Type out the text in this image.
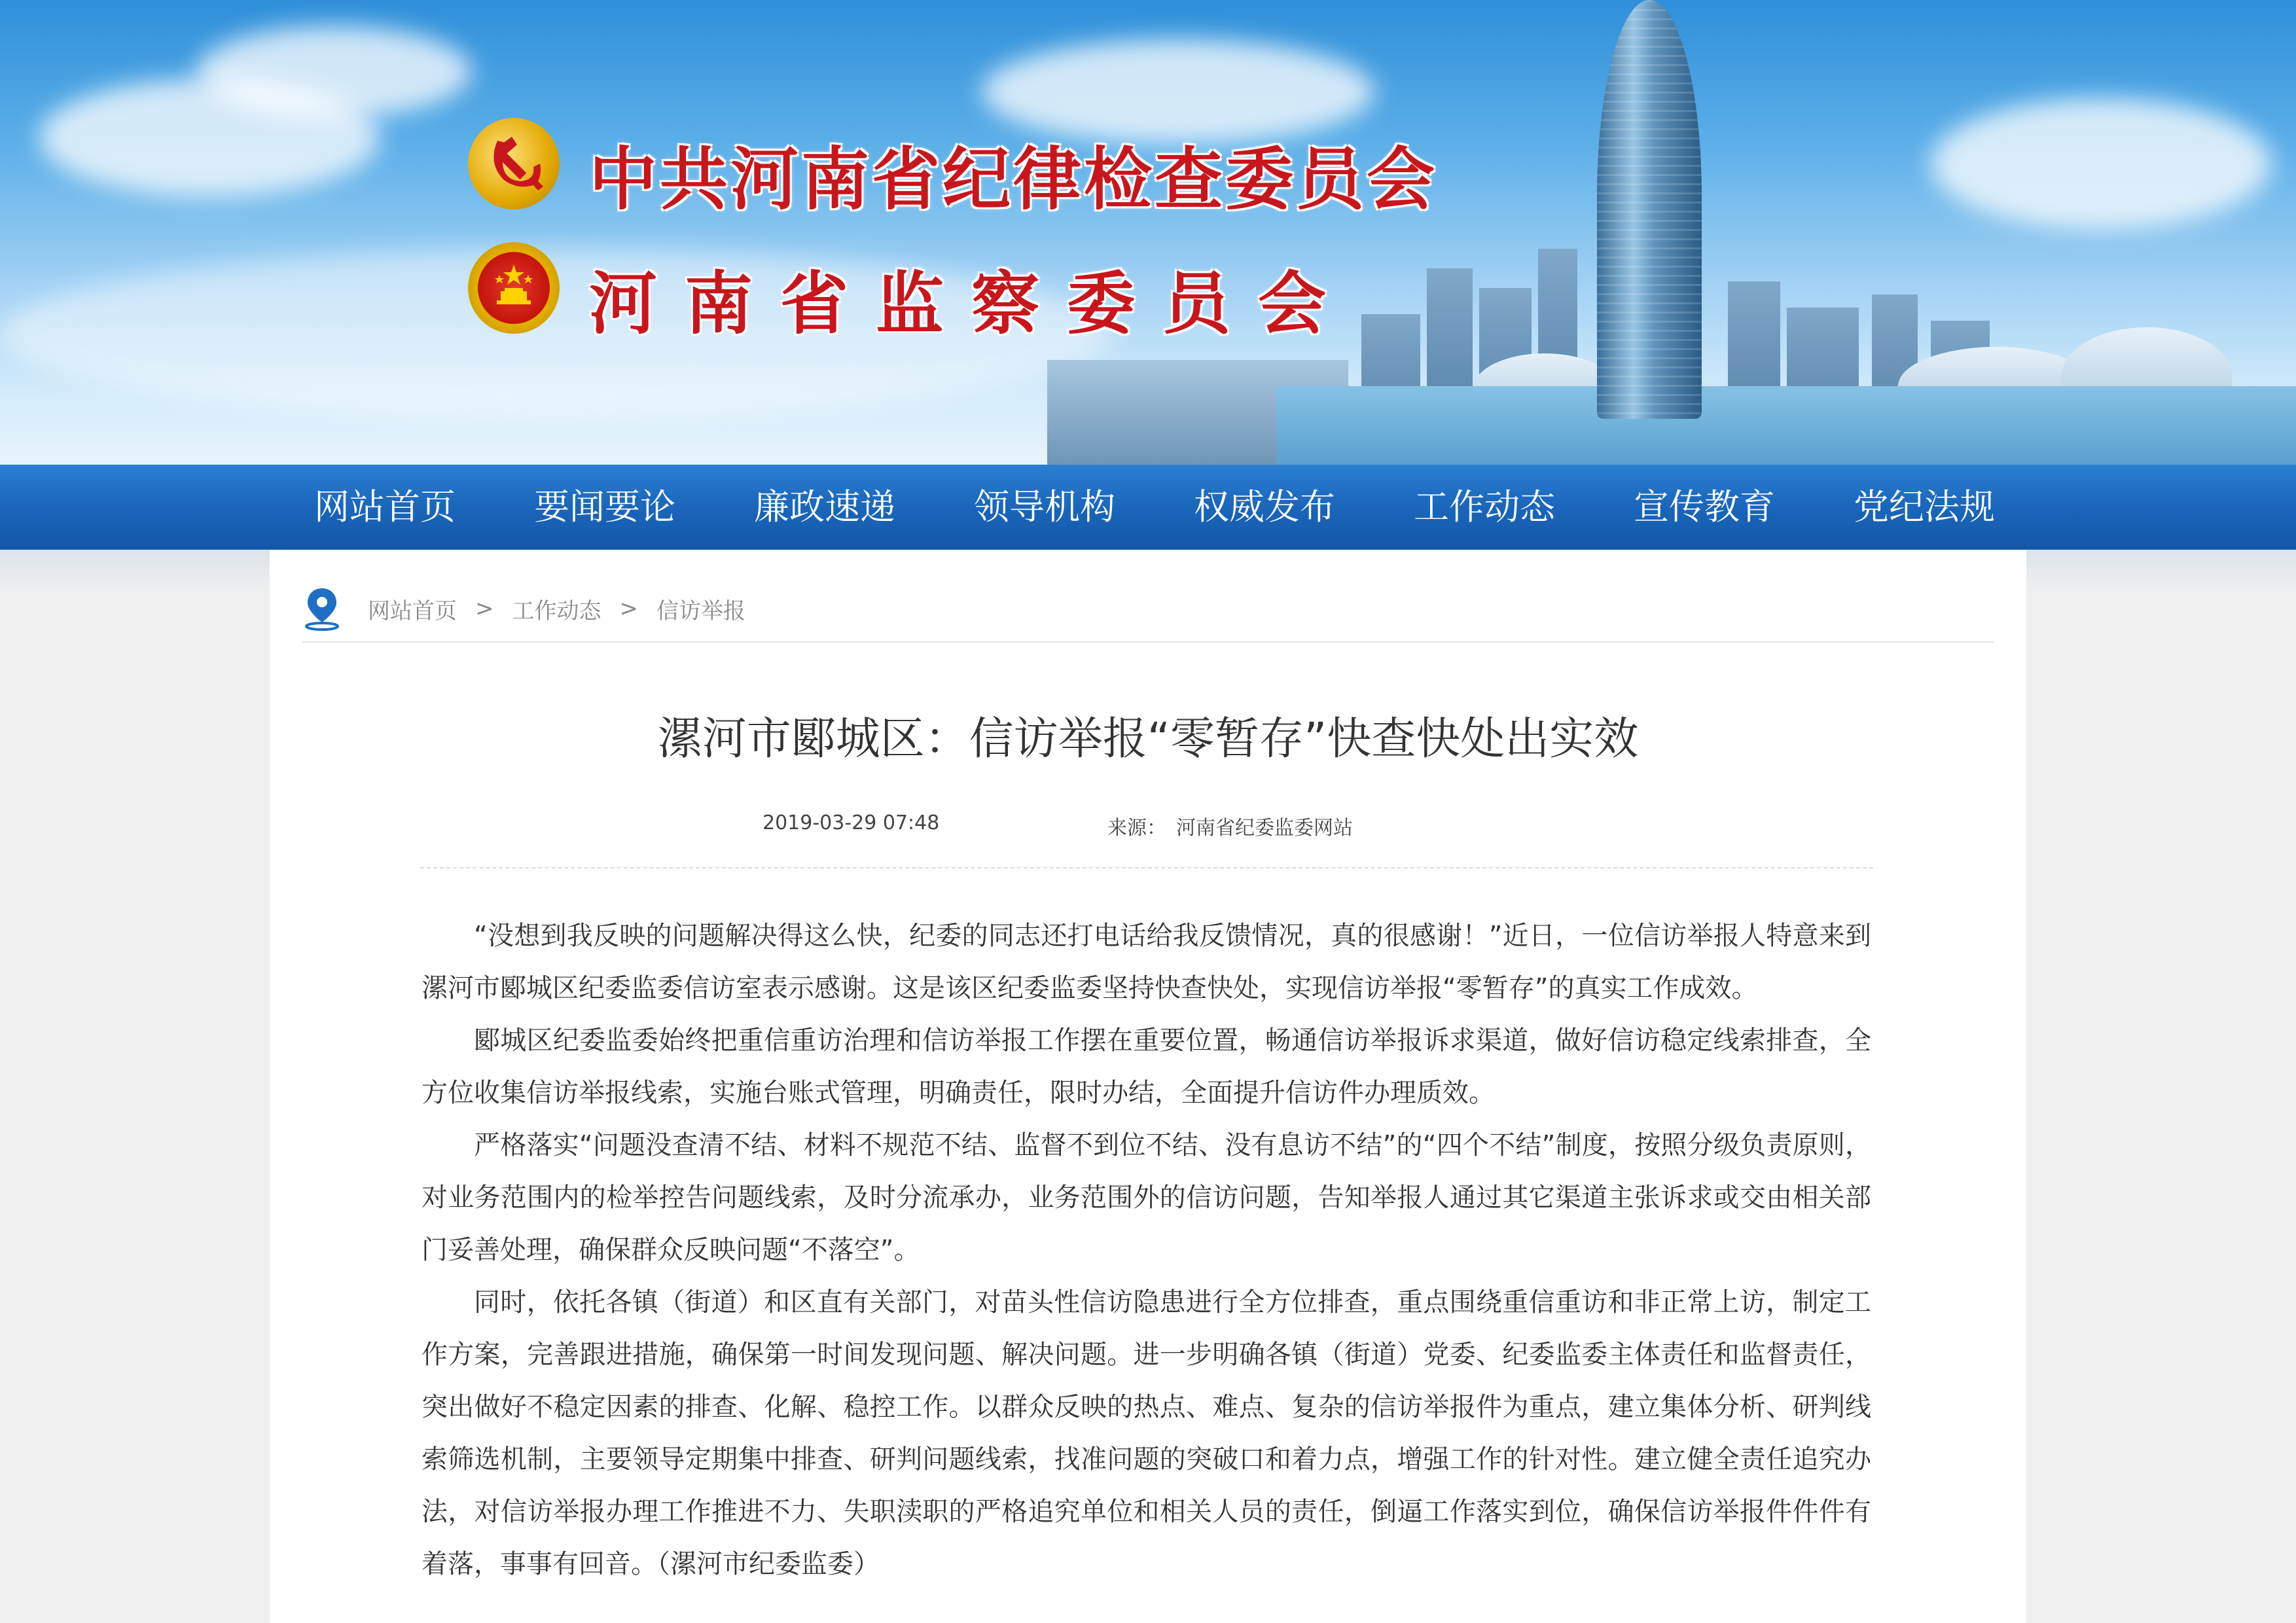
中共河南省纪律检查委员会
河南省监察委员会
网站首页	要闻要论	廉政速递	领导机构	权威发布	工作动态	宣传教育	党纪法规
网站首页 > 工作动态 > 信访举报
漯河市郾城区：信访举报“零暂存”快查快处出实效
2019-03-29 07:48	来源： 河南省纪委监委网站

“没想到我反映的问题解决得这么快，纪委的同志还打电话给我反馈情况，真的很感谢！”近日，一位信访举报人特意来到漯河市郾城区纪委监委信访室表示感谢。这是该区纪委监委坚持快查快处，实现信访举报“零暂存”的真实工作成效。

郾城区纪委监委始终把重信重访治理和信访举报工作摆在重要位置，畅通信访举报诉求渠道，做好信访稳定线索排查，全方位收集信访举报线索，实施台账式管理，明确责任，限时办结，全面提升信访件办理质效。

严格落实“问题没查清不结、材料不规范不结、监督不到位不结、没有息访不结”的“四个不结”制度，按照分级负责原则，对业务范围内的检举控告问题线索，及时分流承办，业务范围外的信访问题，告知举报人通过其它渠道主张诉求或交由相关部门妥善处理，确保群众反映问题“不落空”。

同时，依托各镇（街道）和区直有关部门，对苗头性信访隐患进行全方位排查，重点围绕重信重访和非正常上访，制定工作方案，完善跟进措施，确保第一时间发现问题、解决问题。进一步明确各镇（街道）党委、纪委监委主体责任和监督责任，突出做好不稳定因素的排查、化解、稳控工作。以群众反映的热点、难点、复杂的信访举报件为重点，建立集体分析、研判线索筛选机制，主要领导定期集中排查、研判问题线索，找准问题的突破口和着力点，增强工作的针对性。建立健全责任追究办法，对信访举报办理工作推进不力、失职渎职的严格追究单位和相关人员的责任，倒逼工作落实到位，确保信访举报件件件有着落，事事有回音。（漯河市纪委监委）
